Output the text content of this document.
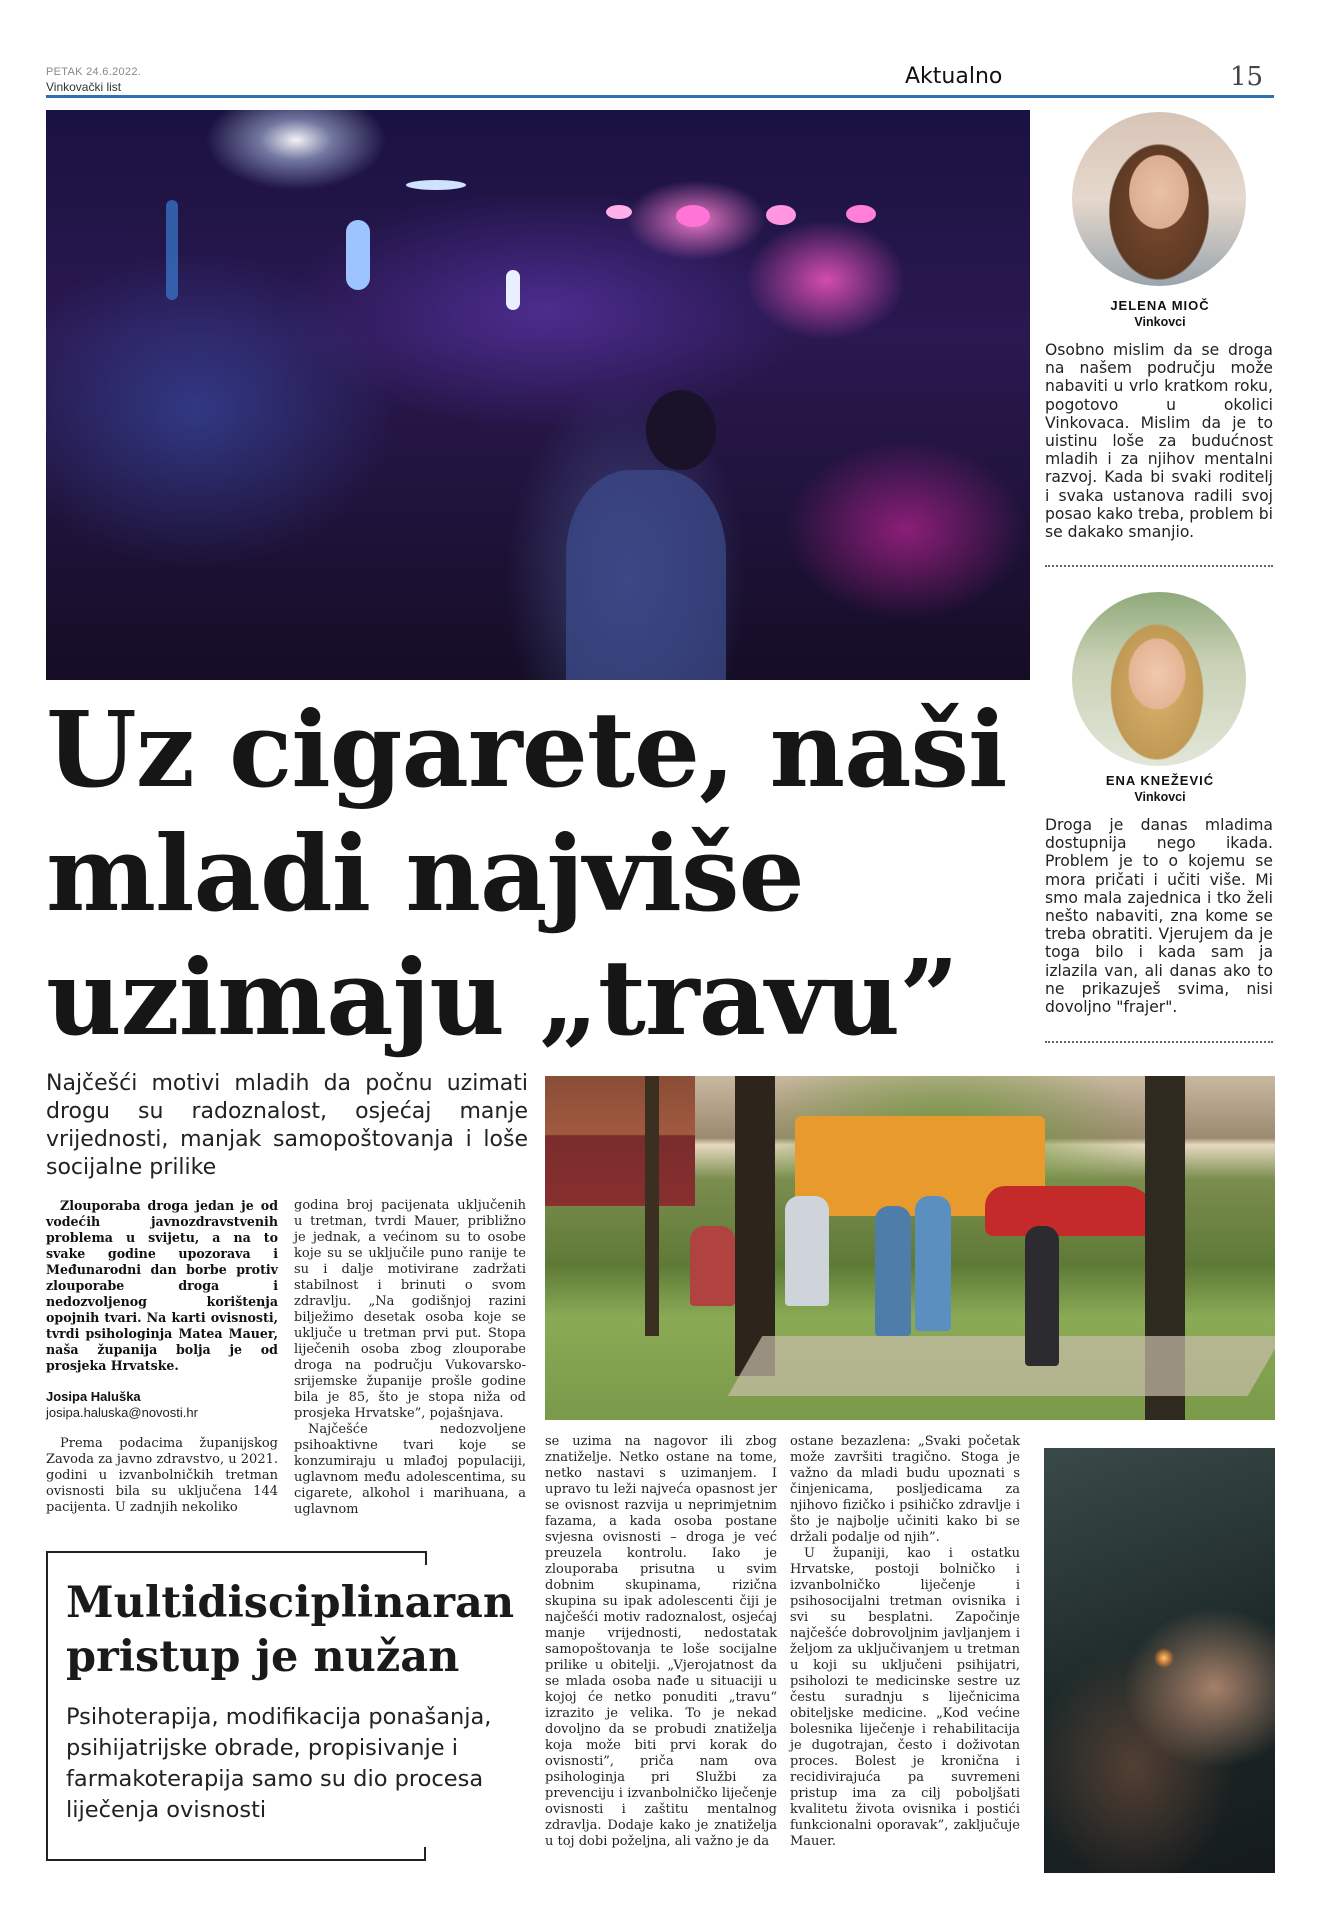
PETAK 24.6.2022.
Vinkovački list	Aktualno	15
JELENA MIOČ
Vinkovci
Osobno mislim da se droga na našem području može nabaviti u vrlo kratkom roku, pogotovo u okolici Vinkovaca. Mislim da je to uistinu loše za budućnost mladih i za njihov mentalni razvoj. Kada bi svaki roditelj i svaka ustanova radili svoj posao kako treba, problem bi se dakako smanjio.
ENA KNEŽEVIĆ
Vinkovci
Droga je danas mladima dostupnija nego ikada. Problem je to o kojemu se mora pričati i učiti više. Mi smo mala zajednica i tko želi nešto nabaviti, zna kome se treba obratiti. Vjerujem da je toga bilo i kada sam ja izlazila van, ali danas ako to ne prikazuješ svima, nisi dovoljno "frajer".
Uz cigarete, naši
mladi najviše
uzimaju „travu”
Najčešći motivi mladih da počnu uzimati drogu su radoznalost, osjećaj manje vrijednosti, manjak samopoštovanja i loše socijalne prilike
Zlouporaba droga jedan je od vodećih javnozdravstvenih problema u svijetu, a na to svake godine upozorava i Međunarodni dan borbe protiv zlouporabe droga i nedozvoljenog korištenja opojnih tvari. Na karti ovisnosti, tvrdi psihologinja Matea Mauer, naša županija bolja je od prosjeka Hrvatske.
Josipa Haluška
josipa.haluska@novosti.hr

Prema podacima županijskog Zavoda za javno zdravstvo, u 2021. godini u izvanbolničkih tretman ovisnosti bila su uključena 144 pacijenta. U zadnjih nekoliko

godina broj pacijenata uključenih u tretman, tvrdi Mauer, približno je jednak, a većinom su to osobe koje su se uključile puno ranije te su i dalje motivirane zadržati stabilnost i brinuti o svom zdravlju. „Na godišnjoj razini bilježimo desetak osoba koje se uključe u tretman prvi put. Stopa liječenih osoba zbog zlouporabe droga na području Vukovarsko-srijemske županije prošle godine bila je 85, što je stopa niža od prosjeka Hrvatske”, pojašnjava.

Najčešće nedozvoljene psihoaktivne tvari koje se konzumiraju u mlađoj populaciji, uglavnom među adolescentima, su cigarete, alkohol i marihuana, a uglavnom

se uzima na nagovor ili zbog znatiželje. Netko ostane na tome, netko nastavi s uzimanjem. I upravo tu leži najveća opasnost jer se ovisnost razvija u neprimjetnim fazama, a kada osoba postane svjesna ovisnosti – droga je već preuzela kontrolu. Iako je zlouporaba prisutna u svim dobnim skupinama, rizična skupina su ipak adolescenti čiji je najčešći motiv radoznalost, osjećaj manje vrijednosti, nedostatak samopoštovanja te loše socijalne prilike u obitelji. „Vjerojatnost da se mlada osoba nađe u situaciji u kojoj će netko ponuditi „travu“ izrazito je velika. To je nekad dovoljno da se probudi znatiželja koja može biti prvi korak do ovisnosti”, priča nam ova psihologinja pri Službi za prevenciju i izvanbolničko liječenje ovisnosti i zaštitu mentalnog zdravlja. Dodaje kako je znatiželja u toj dobi poželjna, ali važno je da

ostane bezazlena: „Svaki početak može završiti tragično. Stoga je važno da mladi budu upoznati s činjenicama, posljedicama za njihovo fizičko i psihičko zdravlje i što je najbolje učiniti kako bi se držali podalje od njih”.

U županiji, kao i ostatku Hrvatske, postoji bolničko i izvanbolničko liječenje i psihosocijalni tretman ovisnika i svi su besplatni. Započinje najčešće dobrovoljnim javljanjem i željom za uključivanjem u tretman u koji su uključeni psihijatri, psiholozi te medicinske sestre uz čestu suradnju s liječnicima obiteljske medicine. „Kod većine bolesnika liječenje i rehabilitacija je dugotrajan, često i doživotan proces. Bolest je kronična i recidivirajuća pa suvremeni pristup ima za cilj poboljšati kvalitetu života ovisnika i postići funkcionalni oporavak”, zaključuje Mauer.

Multidisciplinaran
pristup je nužan
Psihoterapija, modifikacija ponašanja, psihijatrijske obrade, propisivanje i farmakoterapija samo su dio procesa liječenja ovisnosti
